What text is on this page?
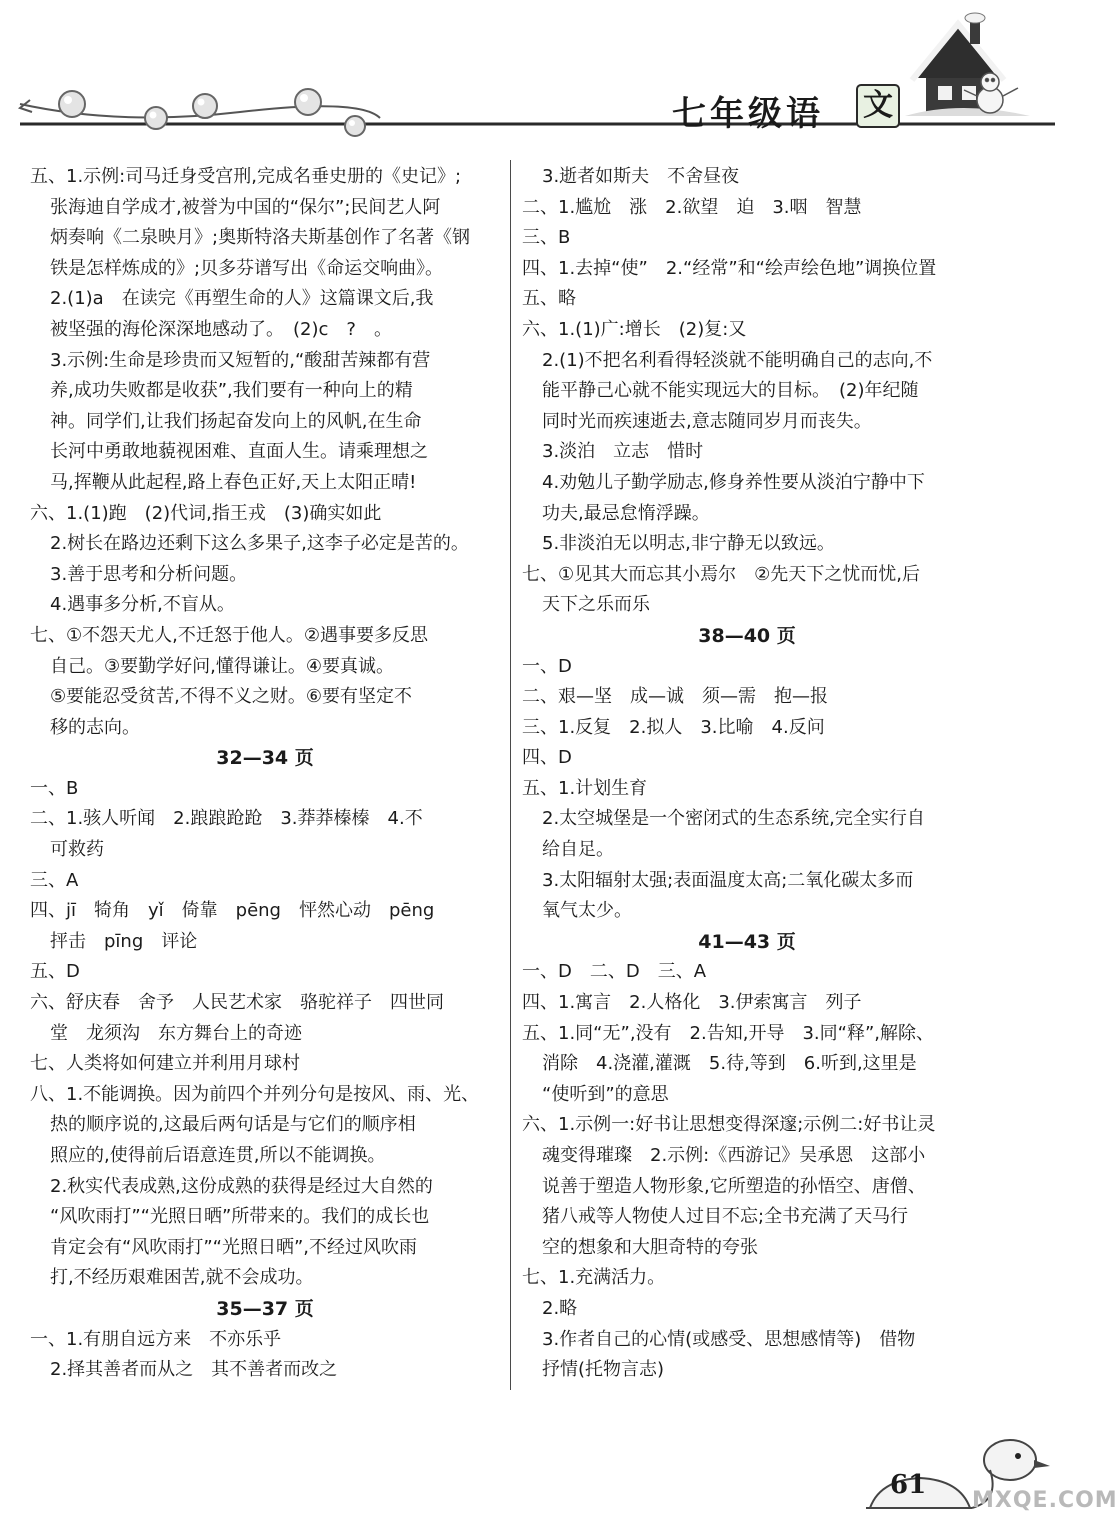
七年级语 文
五、1.示例:司马迁身受宫刑,完成名垂史册的《史记》;
张海迪自学成才,被誉为中国的“保尔”;民间艺人阿
炳奏响《二泉映月》;奥斯特洛夫斯基创作了名著《钢
铁是怎样炼成的》;贝多芬谱写出《命运交响曲》。
2.(1)a　在读完《再塑生命的人》这篇课文后,我
被坚强的海伦深深地感动了。　(2)c　?　。
3.示例:生命是珍贵而又短暂的,“酸甜苦辣都有营
养,成功失败都是收获”,我们要有一种向上的精
神。同学们,让我们扬起奋发向上的风帆,在生命
长河中勇敢地藐视困难、直面人生。请乘理想之
马,挥鞭从此起程,路上春色正好,天上太阳正晴!
六、1.(1)跑　(2)代词,指王戎　(3)确实如此
2.树长在路边还剩下这么多果子,这李子必定是苦的。
3.善于思考和分析问题。
4.遇事多分析,不盲从。
七、①不怨天尤人,不迁怒于他人。②遇事要多反思
自己。③要勤学好问,懂得谦让。④要真诚。
⑤要能忍受贫苦,不得不义之财。⑥要有坚定不
移的志向。
32—34 页
一、B
二、1.骇人听闻　2.踉踉跄跄　3.莽莽榛榛　4.不
可救药
三、A
四、jī　犄角　yǐ　倚靠　pēng　怦然心动　pēng
抨击　pīng　评论
五、D
六、舒庆春　舍予　人民艺术家　骆驼祥子　四世同
堂　龙须沟　东方舞台上的奇迹
七、人类将如何建立并利用月球村
八、1.不能调换。因为前四个并列分句是按风、雨、光、
热的顺序说的,这最后两句话是与它们的顺序相
照应的,使得前后语意连贯,所以不能调换。
2.秋实代表成熟,这份成熟的获得是经过大自然的
“风吹雨打”“光照日晒”所带来的。我们的成长也
肯定会有“风吹雨打”“光照日晒”,不经过风吹雨
打,不经历艰难困苦,就不会成功。
35—37 页
一、1.有朋自远方来　不亦乐乎
2.择其善者而从之　其不善者而改之
3.逝者如斯夫　不舍昼夜
二、1.尴尬　涨　2.欲望　迫　3.咽　智慧
三、B
四、1.去掉“使”　2.“经常”和“绘声绘色地”调换位置
五、略
六、1.(1)广:增长　(2)复:又
2.(1)不把名利看得轻淡就不能明确自己的志向,不
能平静己心就不能实现远大的目标。　(2)年纪随
同时光而疾速逝去,意志随同岁月而丧失。
3.淡泊　立志　惜时
4.劝勉儿子勤学励志,修身养性要从淡泊宁静中下
功夫,最忌怠惰浮躁。
5.非淡泊无以明志,非宁静无以致远。
七、①见其大而忘其小焉尔　②先天下之忧而忧,后
天下之乐而乐
38—40 页
一、D
二、艰—坚　成—诚　须—需　抱—报
三、1.反复　2.拟人　3.比喻　4.反问
四、D
五、1.计划生育
2.太空城堡是一个密闭式的生态系统,完全实行自
给自足。
3.太阳辐射太强;表面温度太高;二氧化碳太多而
氧气太少。
41—43 页
一、D　二、D　三、A
四、1.寓言　2.人格化　3.伊索寓言　列子
五、1.同“无”,没有　2.告知,开导　3.同“释”,解除、
消除　4.浇灌,灌溉　5.待,等到　6.听到,这里是
“使听到”的意思
六、1.示例一:好书让思想变得深邃;示例二:好书让灵
魂变得璀璨　2.示例:《西游记》吴承恩　这部小
说善于塑造人物形象,它所塑造的孙悟空、唐僧、
猪八戒等人物使人过目不忘;全书充满了天马行
空的想象和大胆奇特的夸张
七、1.充满活力。
2.略
3.作者自己的心情(或感受、思想感情等)　借物
抒情(托物言志)
61
MXQE.COM
